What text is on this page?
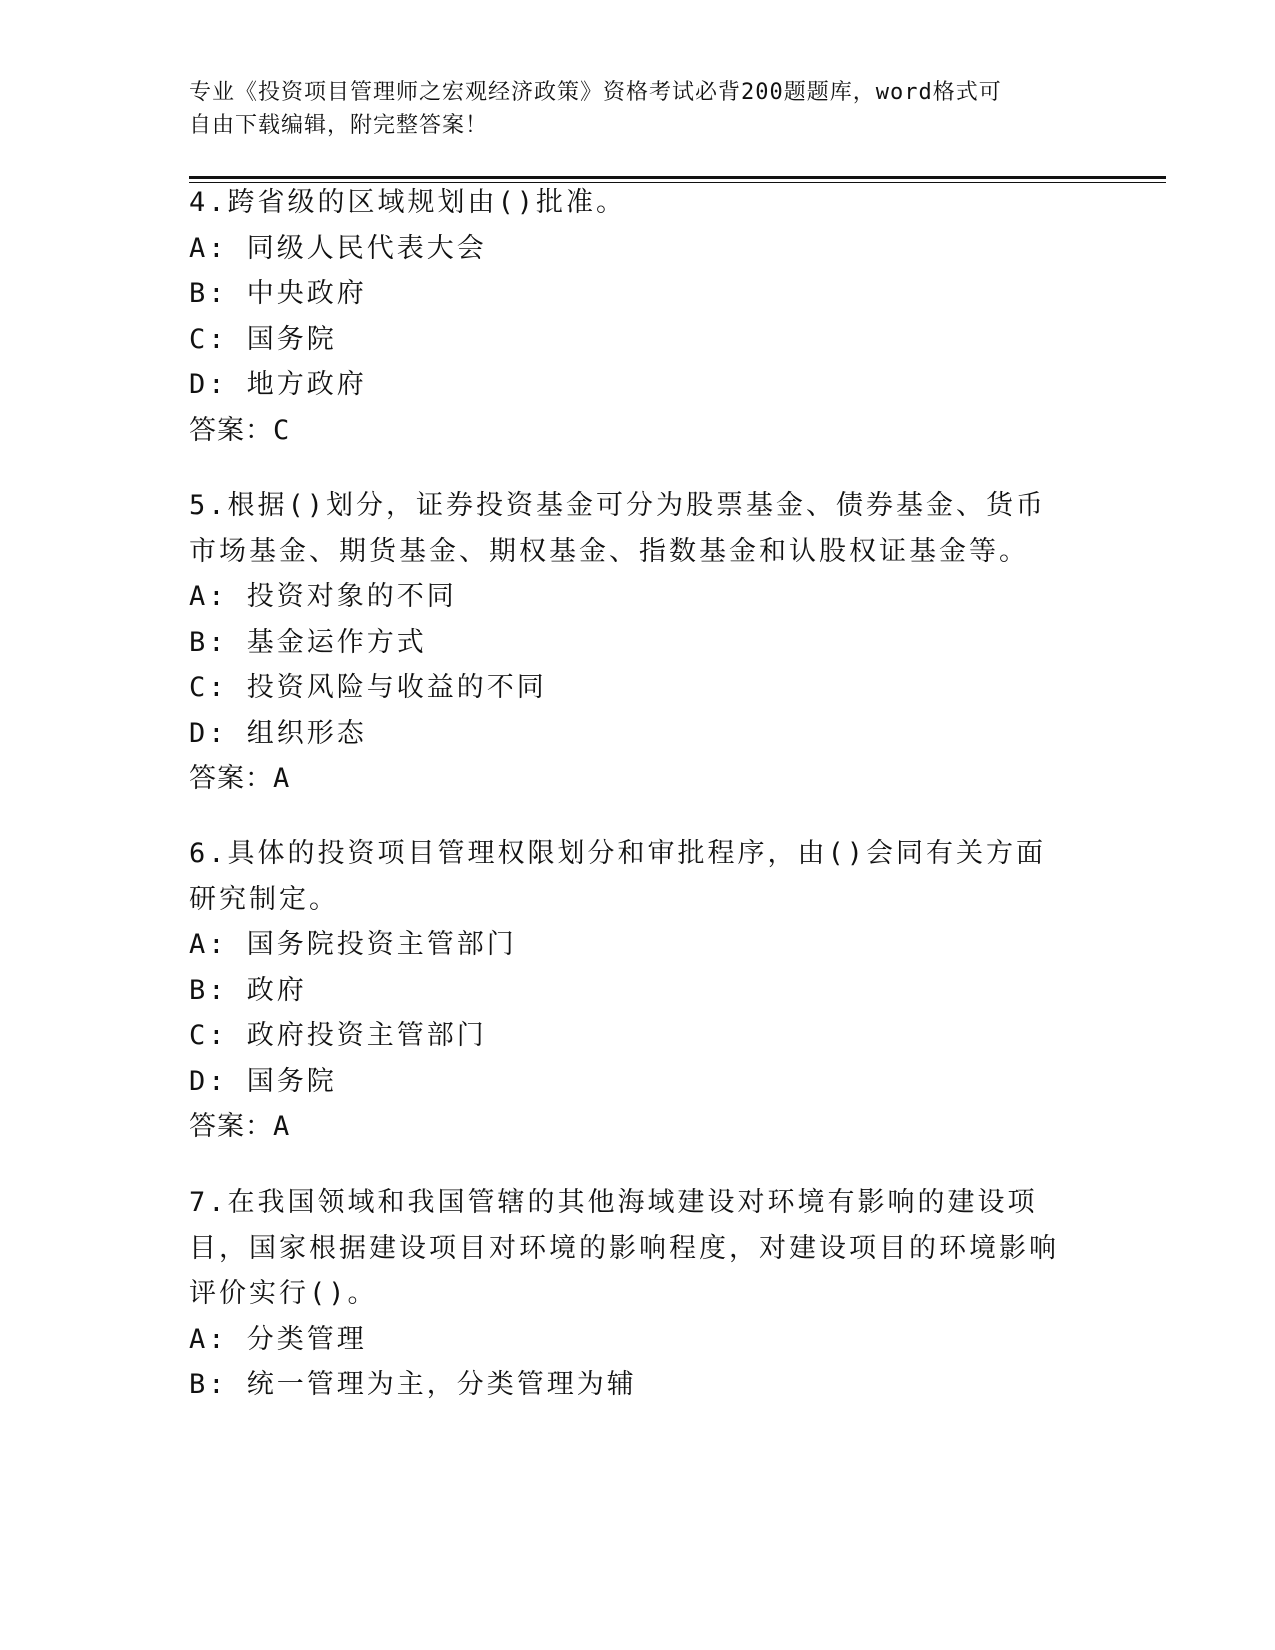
专业《投资项目管理师之宏观经济政策》资格考试必背200题题库，word格式可
自由下载编辑，附完整答案！
4.跨省级的区域规划由()批准。
A: 同级人民代表大会
B: 中央政府
C: 国务院
D: 地方政府
答案：C
5.根据()划分，证券投资基金可分为股票基金、债券基金、货币市场基金、期货基金、期权基金、指数基金和认股权证基金等。
A: 投资对象的不同
B: 基金运作方式
C: 投资风险与收益的不同
D: 组织形态
答案：A
6.具体的投资项目管理权限划分和审批程序，由()会同有关方面研究制定。
A: 国务院投资主管部门
B: 政府
C: 政府投资主管部门
D: 国务院
答案：A
7.在我国领域和我国管辖的其他海域建设对环境有影响的建设项目，国家根据建设项目对环境的影响程度，对建设项目的环境影响评价实行()。
A: 分类管理
B: 统一管理为主，分类管理为辅
